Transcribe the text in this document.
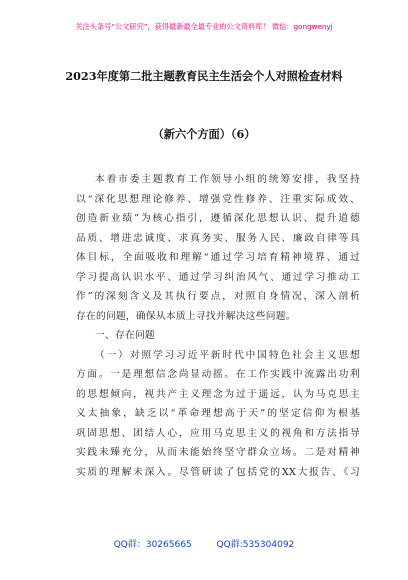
关注头条号“公文研究”，获得最新最全最专业的公文资料库！ 微信：gongwenyj
2023年度第二批主题教育民主生活会个人对照检查材料
（新六个方面）（6）
本着市委主题教育工作领导小组的统筹安排，我坚持
以“深化思想理论修养、增强党性修养、注重实际成效、
创造新业绩”为核心指引，遵循深化思想认识、提升道德
品质、增进忠诚度、求真务实、服务人民、廉政自律等具
体目标，全面吸收和理解“通过学习培育精神境界、通过
学习提高认识水平、通过学习纠治风气、通过学习推动工
作”的深刻含义及其执行要点，对照自身情况，深入剖析
存在的问题，确保从本质上寻找并解决这些问题。
一、存在问题
（一）对照学习习近平新时代中国特色社会主义思想
方面。一是理想信念尚显动摇。在工作实践中流露出功利
的思想倾向，视共产主义理念为过于遥远，认为马克思主
义太抽象，缺乏以“革命理想高于天”的坚定信仰为根基
巩固思想、团结人心，应用马克思主义的视角和方法指导
实践未臻充分，从而未能始终坚守群众立场。二是对精神
实质的理解未深入。尽管研读了包括党的XX大报告、《习
QQ群：30265665	QQ群:535304092
